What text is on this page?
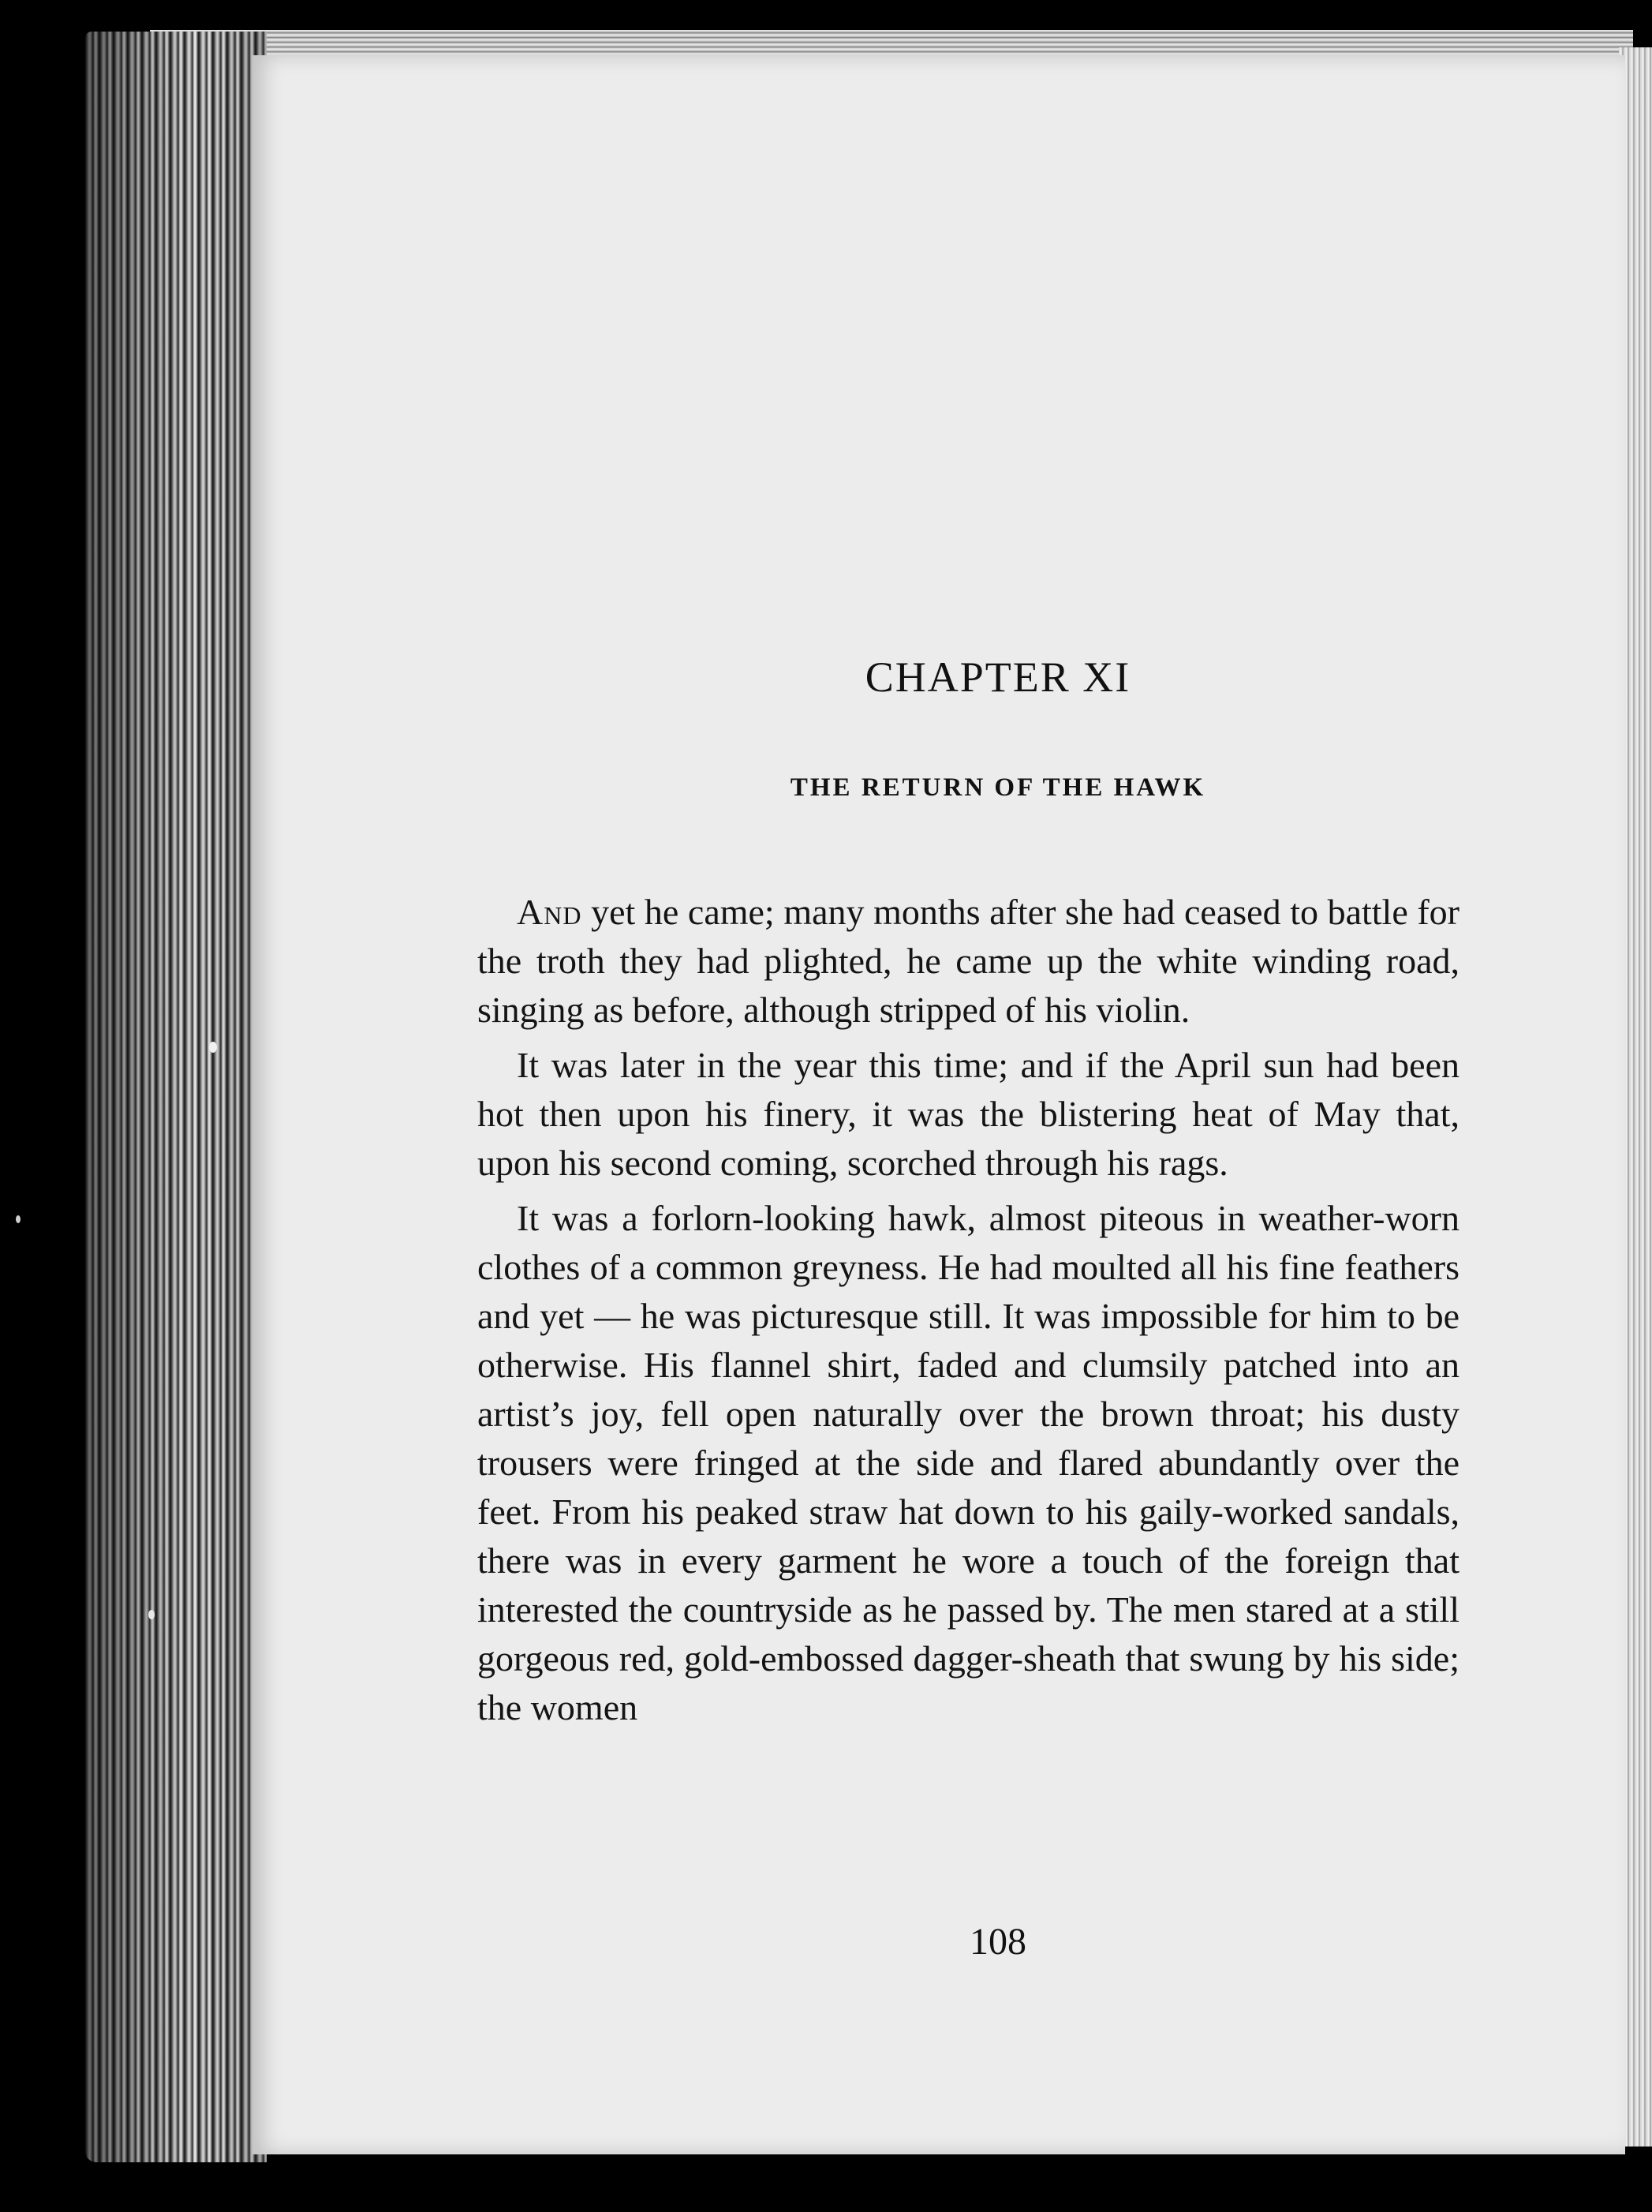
CHAPTER XI
THE RETURN OF THE HAWK

And yet he came; many months after she had ceased to battle for the troth they had plighted, he came up the white winding road, singing as before, although stripped of his violin.

It was later in the year this time; and if the April sun had been hot then upon his finery, it was the blistering heat of May that, upon his second coming, scorched through his rags.

It was a forlorn-looking hawk, almost piteous in weather-worn clothes of a common greyness. He had moulted all his fine feathers and yet — he was picturesque still. It was impossible for him to be otherwise. His flannel shirt, faded and clumsily patched into an artist’s joy, fell open naturally over the brown throat; his dusty trousers were fringed at the side and flared abundantly over the feet. From his peaked straw hat down to his gaily-worked sandals, there was in every garment he wore a touch of the foreign that interested the countryside as he passed by. The men stared at a still gorgeous red, gold-embossed dagger-sheath that swung by his side; the women

108
